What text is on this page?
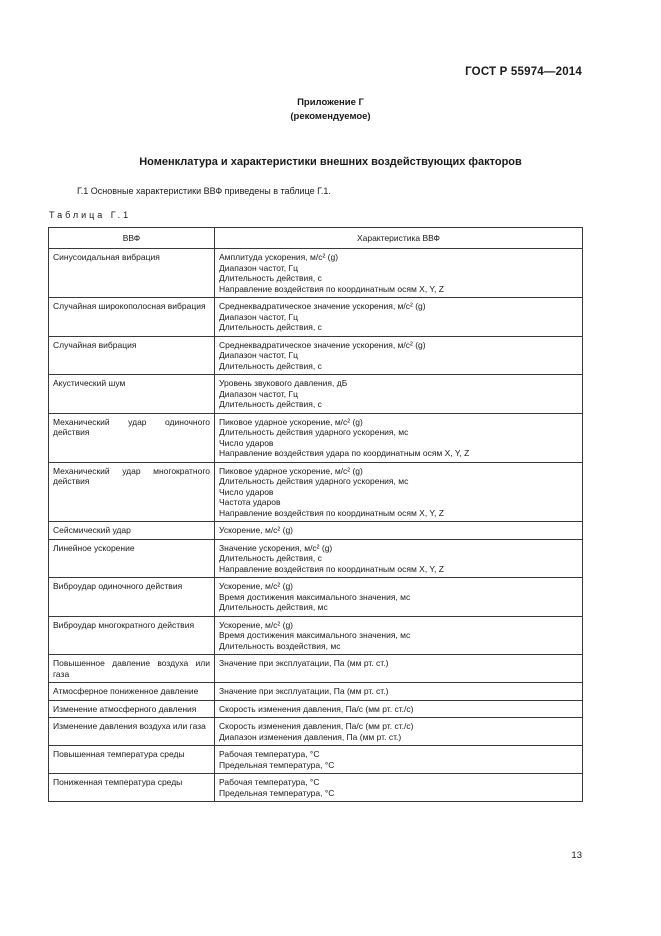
ГОСТ Р 55974—2014
Приложение Г
(рекомендуемое)
Номенклатура и характеристики внешних воздействующих факторов
Г.1 Основные характеристики ВВФ приведены в таблице Г.1.
Таблица Г.1
ВВФ	Характеристика ВВФ
Синусоидальная вибрация	Амплитуда ускорения, м/с² (g)
Диапазон частот, Гц
Длительность действия, с
Направление воздействия по координатным осям X, Y, Z

Случайная широкополосная вибрация	Среднеквадратическое значение ускорения, м/с² (g)
Диапазон частот, Гц
Длительность действия, с

Случайная вибрация	Среднеквадратическое значение ускорения, м/с² (g)
Диапазон частот, Гц
Длительность действия, с

Акустический шум	Уровень звукового давления, дБ
Диапазон частот, Гц
Длительность действия, с

Механический удар одиночного действия	Пиковое ударное ускорение, м/с² (g)
Длительность действия ударного ускорения, мс
Число ударов
Направление воздействия удара по координатным осям X, Y, Z

Механический удар многократного действия	Пиковое ударное ускорение, м/с² (g)
Длительность действия ударного ускорения, мс
Число ударов
Частота ударов
Направление воздействия по координатным осям X, Y, Z

Сейсмический удар	Ускорение, м/с² (g)

Линейное ускорение	Значение ускорения, м/с² (g)
Длительность действия, с
Направление воздействия по координатным осям X, Y, Z

Виброудар одиночного действия	Ускорение, м/с² (g)
Время достижения максимального значения, мс
Длительность действия, мс

Виброудар многократного действия	Ускорение, м/с² (g)
Время достижения максимального значения, мс
Длительность воздействия, мс

Повышенное давление воздуха или газа	Значение при эксплуатации, Па (мм рт. ст.)

Атмосферное пониженное давление	Значение при эксплуатации, Па (мм рт. ст.)

Изменение атмосферного давления	Скорость изменения давления, Па/с (мм рт. ст./с)

Изменение давления воздуха или газа	Скорость изменения давления, Па/с (мм рт. ст./с)
Диапазон изменения давления, Па (мм рт. ст.)

Повышенная температура среды	Рабочая температура, °С
Предельная температура, °С

Пониженная температура среды	Рабочая температура, °С
Предельная температура, °С
13
